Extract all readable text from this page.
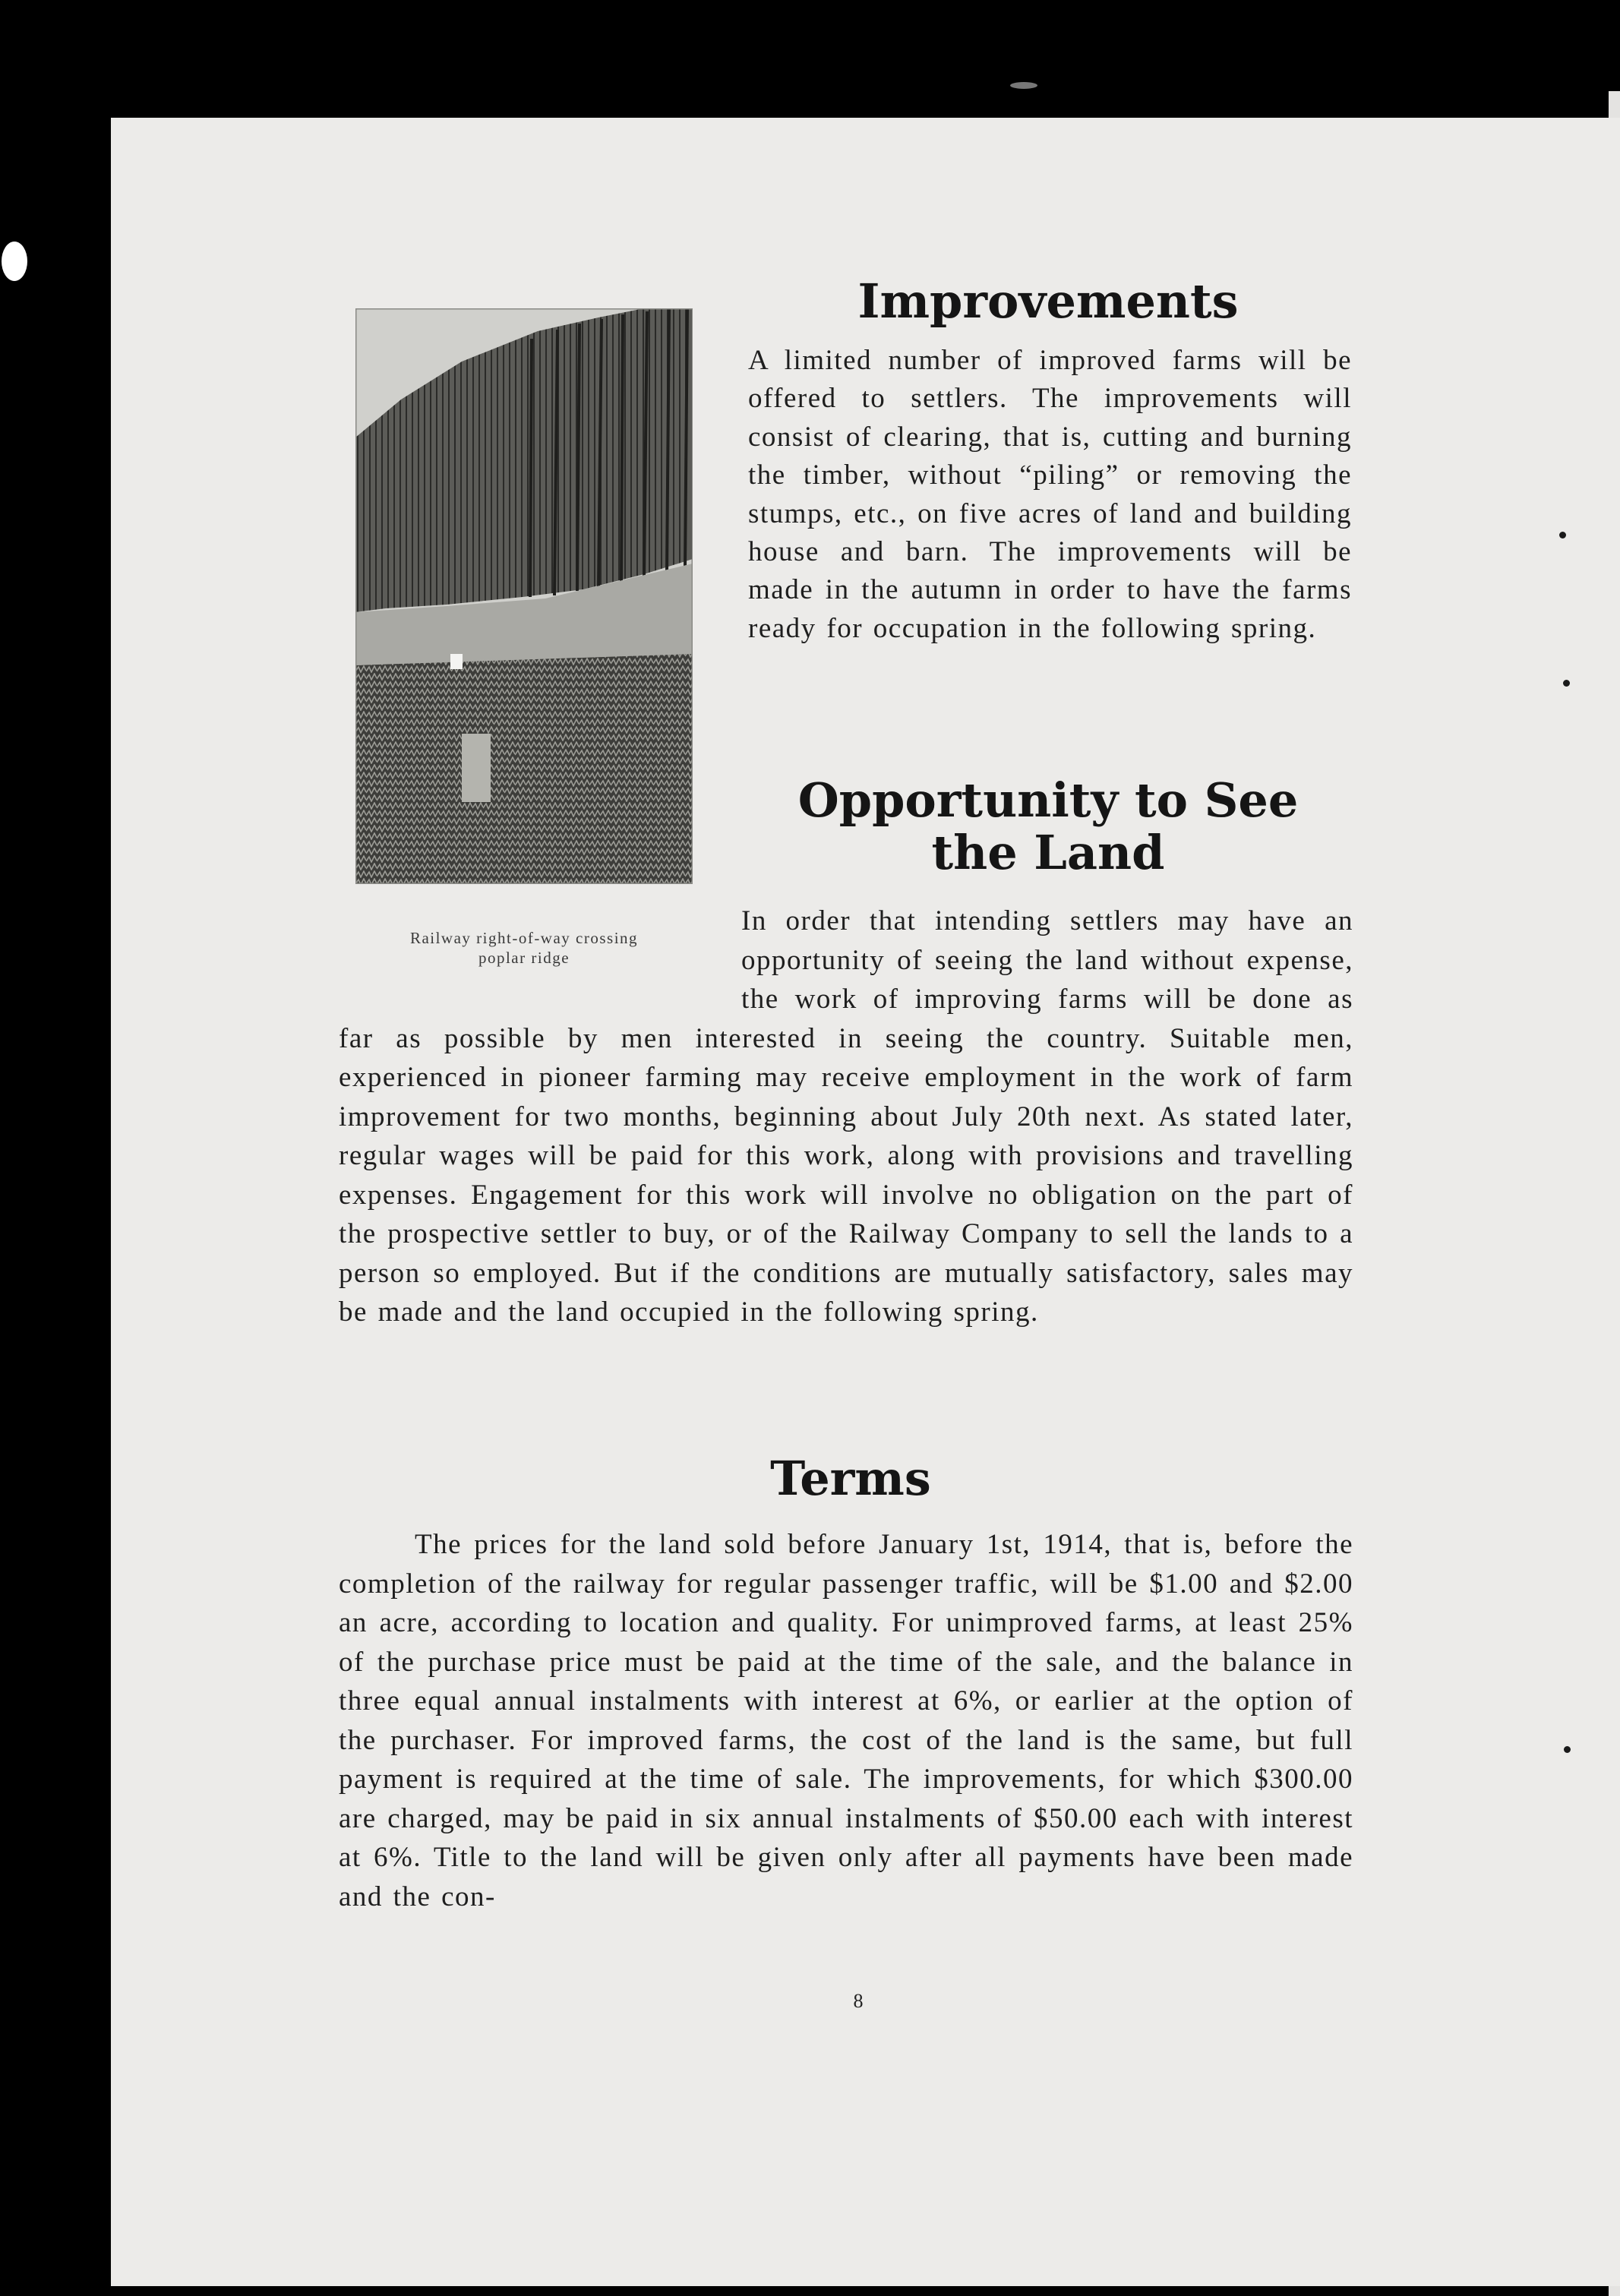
Improvements

A limited number of improved farms will be offered to settlers. The improvements will consist of clearing, that is, cutting and burning the timber, without “piling” or removing the stumps, etc., on five acres of land and building house and barn. The improvements will be made in the autumn in order to have the farms ready for occupation in the following spring.

Railway right-of-way crossing
poplar ridge
Opportunity to See
the Land

In order that intending settlers may have an opportunity of seeing the land without expense, the work of improving farms will be done as far as possible by men interested in seeing the country. Suitable men, experienced in pioneer farming may receive employment in the work of farm improvement for two months, beginning about July 20th next. As stated later, regular wages will be paid for this work, along with provisions and travelling expenses. Engagement for this work will involve no obligation on the part of the prospective settler to buy, or of the Railway Company to sell the lands to a person so employed. But if the conditions are mutually satisfactory, sales may be made and the land occupied in the following spring.

Terms

The prices for the land sold before January 1st, 1914, that is, before the completion of the railway for regular passenger traffic, will be $1.00 and $2.00 an acre, according to location and quality. For unimproved farms, at least 25% of the purchase price must be paid at the time of the sale, and the balance in three equal annual instalments with interest at 6%, or earlier at the option of the purchaser. For improved farms, the cost of the land is the same, but full payment is required at the time of sale. The improvements, for which $300.00 are charged, may be paid in six annual instalments of $50.00 each with interest at 6%. Title to the land will be given only after all payments have been made and the con-

8
